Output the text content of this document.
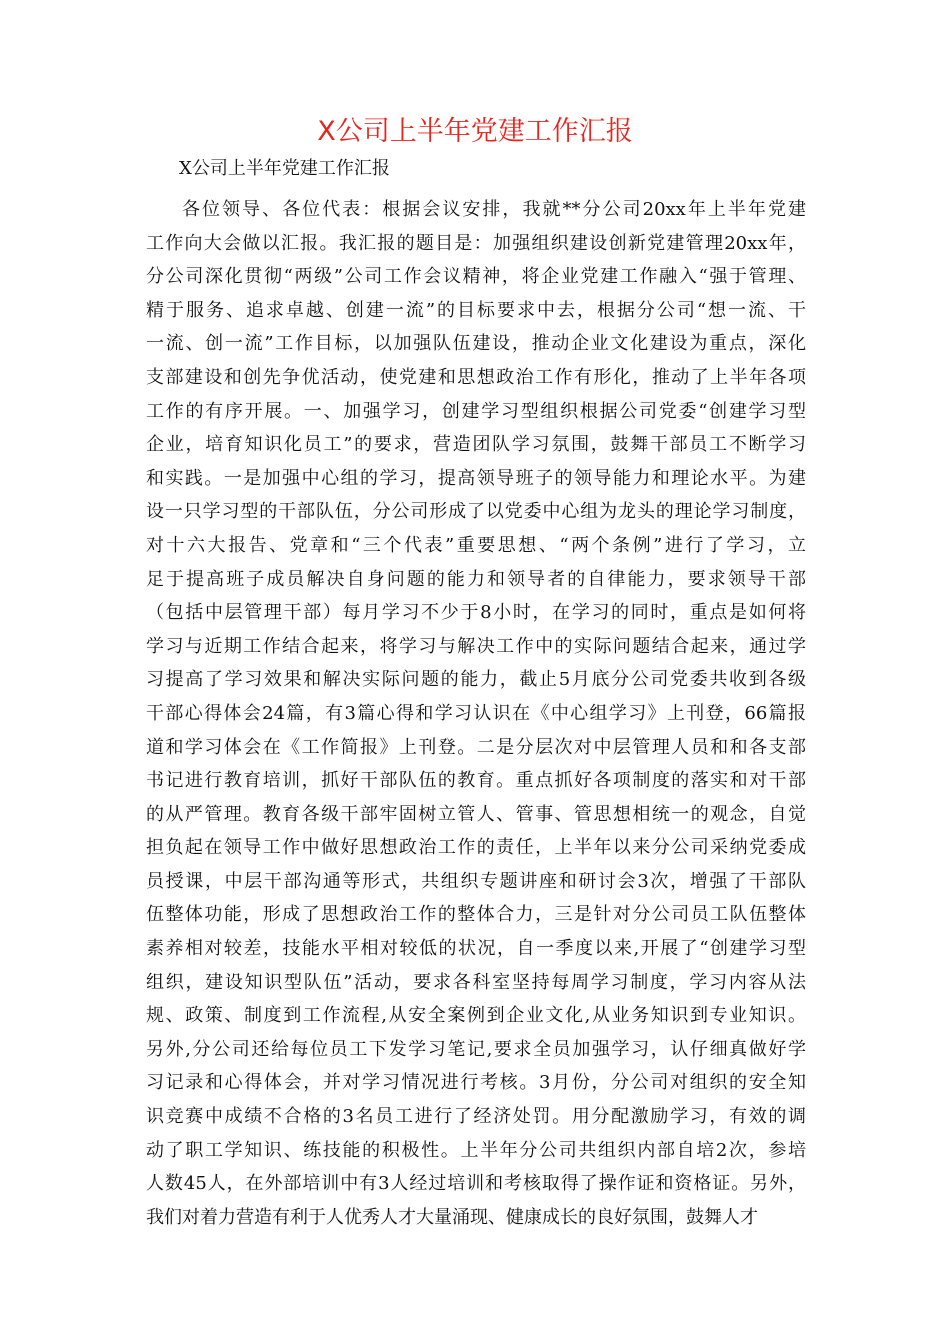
X公司上半年党建工作汇报
X公司上半年党建工作汇报
各位领导、各位代表：根据会议安排，我就**分公司20xx年上半年党建
工作向大会做以汇报。我汇报的题目是：加强组织建设创新党建管理20xx年，
分公司深化贯彻“两级”公司工作会议精神，将企业党建工作融入“强于管理、
精于服务、追求卓越、创建一流”的目标要求中去，根据分公司“想一流、干
一流、创一流”工作目标，以加强队伍建设，推动企业文化建设为重点，深化
支部建设和创先争优活动，使党建和思想政治工作有形化，推动了上半年各项
工作的有序开展。一、加强学习，创建学习型组织根据公司党委“创建学习型
企业，培育知识化员工”的要求，营造团队学习氛围，鼓舞干部员工不断学习
和实践。一是加强中心组的学习，提高领导班子的领导能力和理论水平。为建
设一只学习型的干部队伍，分公司形成了以党委中心组为龙头的理论学习制度，
对十六大报告、党章和“三个代表”重要思想、“两个条例”进行了学习，立
足于提高班子成员解决自身问题的能力和领导者的自律能力，要求领导干部
（包括中层管理干部）每月学习不少于8小时，在学习的同时，重点是如何将
学习与近期工作结合起来，将学习与解决工作中的实际问题结合起来，通过学
习提高了学习效果和解决实际问题的能力，截止5月底分公司党委共收到各级
干部心得体会24篇，有3篇心得和学习认识在《中心组学习》上刊登，66篇报
道和学习体会在《工作简报》上刊登。二是分层次对中层管理人员和和各支部
书记进行教育培训，抓好干部队伍的教育。重点抓好各项制度的落实和对干部
的从严管理。教育各级干部牢固树立管人、管事、管思想相统一的观念，自觉
担负起在领导工作中做好思想政治工作的责任，上半年以来分公司采纳党委成
员授课，中层干部沟通等形式，共组织专题讲座和研讨会3次，增强了干部队
伍整体功能，形成了思想政治工作的整体合力，三是针对分公司员工队伍整体
素养相对较差，技能水平相对较低的状况，自一季度以来,开展了“创建学习型
组织，建设知识型队伍”活动，要求各科室坚持每周学习制度，学习内容从法
规、政策、制度到工作流程,从安全案例到企业文化,从业务知识到专业知识。
另外,分公司还给每位员工下发学习笔记,要求全员加强学习，认仔细真做好学
习记录和心得体会，并对学习情况进行考核。3月份，分公司对组织的安全知
识竞赛中成绩不合格的3名员工进行了经济处罚。用分配激励学习，有效的调
动了职工学知识、练技能的积极性。上半年分公司共组织内部自培2次，参培
人数45人，在外部培训中有3人经过培训和考核取得了操作证和资格证。另外，
我们对着力营造有利于人优秀人才大量涌现、健康成长的良好氛围，鼓舞人才
